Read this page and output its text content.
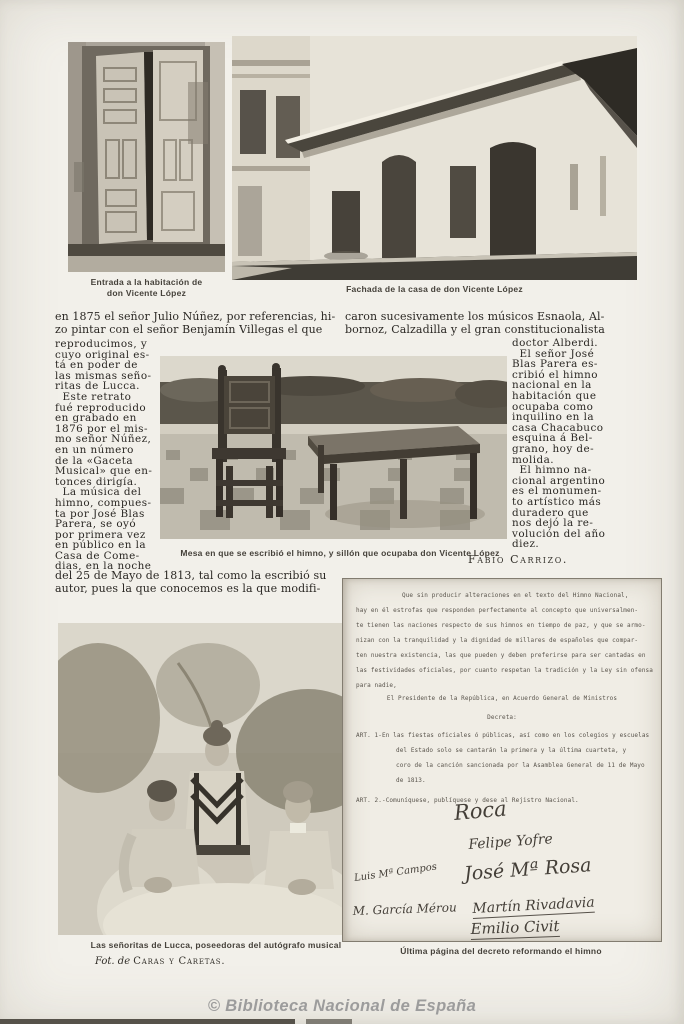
Entrada a la habitación de
don Vicente López	Fachada de la casa de don Vicente López
en 1875 el señor Julio Núñez, por referencias, hi-
zo pintar con el señor Benjamín Villegas el que
reproducimos, y
cuyo original es-
tá en poder de
las mismas seño-
ritas de Lucca.
Este retrato
fué reproducido
en grabado en
1876 por el mis-
mo señor Núñez,
en un número
de la «Gaceta
Musical» que en-
tonces dirigía.
La música del
himno, compues-
ta por José Blas
Parera, se oyó
por primera vez
en público en la
Casa de Come-
dias, en la noche
del 25 de Mayo de 1813, tal como la escribió su
autor, pues la que conocemos es la que modifi-
caron sucesivamente los músicos Esnaola, Al-
bornoz, Calzadilla y el gran constitucionalista
doctor Alberdi.
El señor José
Blas Parera es-
cribió el himno
nacional en la
habitación que
ocupaba como
inquilino en la
casa Chacabuco
esquina á Bel-
grano, hoy de-
molida.
El himno na-
cional argentino
es el monumen-
to artístico más
duradero que
nos dejó la re-
volución del año
diez.
Fabio Carrizo.
Mesa en que se escribió el himno, y sillón que ocupaba don Vicente López
Las señoritas de Lucca, poseedoras del autógrafo musical
Fot. de Caras y Caretas.
Que sin producir alteraciones en el texto del Himno Nacional,
hay en él estrofas que responden perfectamente al concepto que universalmen-
te tienen las naciones respecto de sus himnos en tiempo de paz, y que se armo-
nizan con la tranquilidad y la dignidad de millares de españoles que compar-
ten nuestra existencia, las que pueden y deben preferirse para ser cantadas en
las festividades oficiales, por cuanto respetan la tradición y la Ley sin ofensa
para nadie,
El Presidente de la República, en Acuerdo General de Ministros
Decreta:
ART. 1-En las fiestas oficiales ó públicas, así como en los colegios y escuelas
del Estado solo se cantarán la primera y la última cuarteta, y
coro de la canción sancionada por la Asamblea General de 11 de Mayo
de 1813.
ART. 2.-Comuníquese, publíquese y dese al Rejistro Nacional.
Roca
Felipe Yofre
José Mª Rosa
Luis Mª Campos
M. García Mérou Martín Rivadavia
Emilio Civit
Última página del decreto reformando el himno
© Biblioteca Nacional de España
